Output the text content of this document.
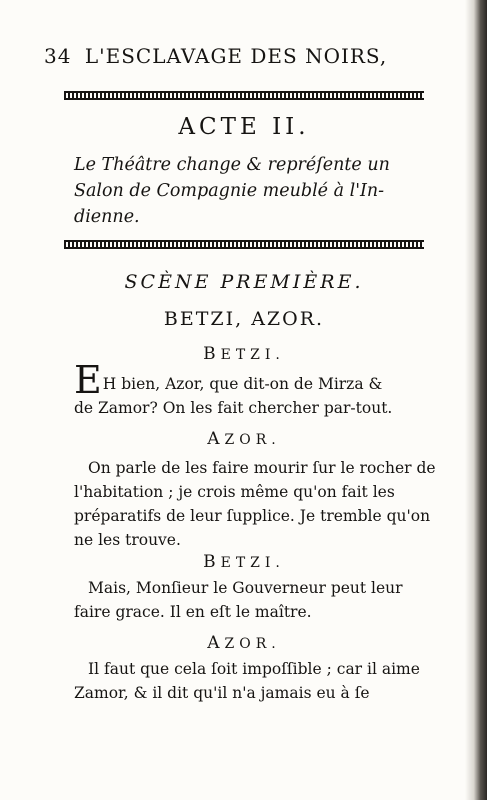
34 L'ESCLAVAGE DES NOIRS,
ACTE II.
Le Théâtre change & repréſente un
Salon de Compagnie meublé à l'In-
dienne.
SCÈNE PREMIÈRE.
BETZI, AZOR.
BETZI.
EH bien, Azor, que dit-on de Mirza &
de Zamor? On les fait chercher par-tout.
AZOR.
On parle de les faire mourir ſur le rocher de
l'habitation ; je crois même qu'on fait les
préparatifs de leur ſupplice. Je tremble qu'on
ne les trouve.
BETZI.
Mais, Monſieur le Gouverneur peut leur
faire grace. Il en eſt le maître.
AZOR.
Il faut que cela ſoit impoſſible ; car il aime
Zamor, & il dit qu'il n'a jamais eu à ſe
